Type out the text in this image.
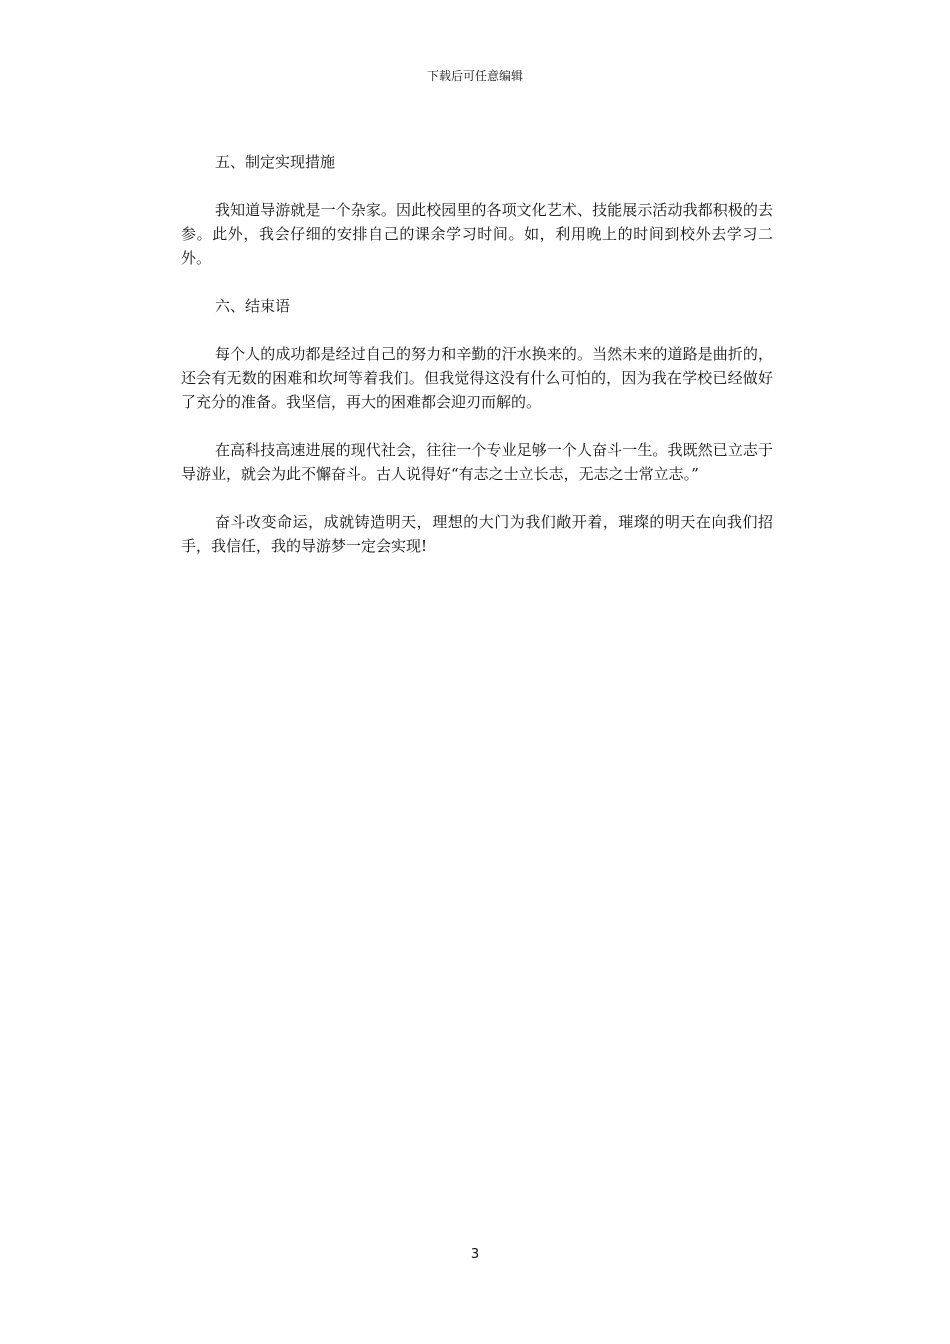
下载后可任意编辑
五、制定实现措施

我知道导游就是一个杂家。因此校园里的各项文化艺术、技能展示活动我都积极的去参。此外，我会仔细的安排自己的课余学习时间。如，利用晚上的时间到校外去学习二外。

六、结束语

每个人的成功都是经过自己的努力和辛勤的汗水换来的。当然未来的道路是曲折的，还会有无数的困难和坎坷等着我们。但我觉得这没有什么可怕的，因为我在学校已经做好了充分的准备。我坚信，再大的困难都会迎刃而解的。

在高科技高速进展的现代社会，往往一个专业足够一个人奋斗一生。我既然已立志于导游业，就会为此不懈奋斗。古人说得好“有志之士立长志，无志之士常立志。”

奋斗改变命运，成就铸造明天，理想的大门为我们敞开着，璀璨的明天在向我们招手，我信任，我的导游梦一定会实现!

3
